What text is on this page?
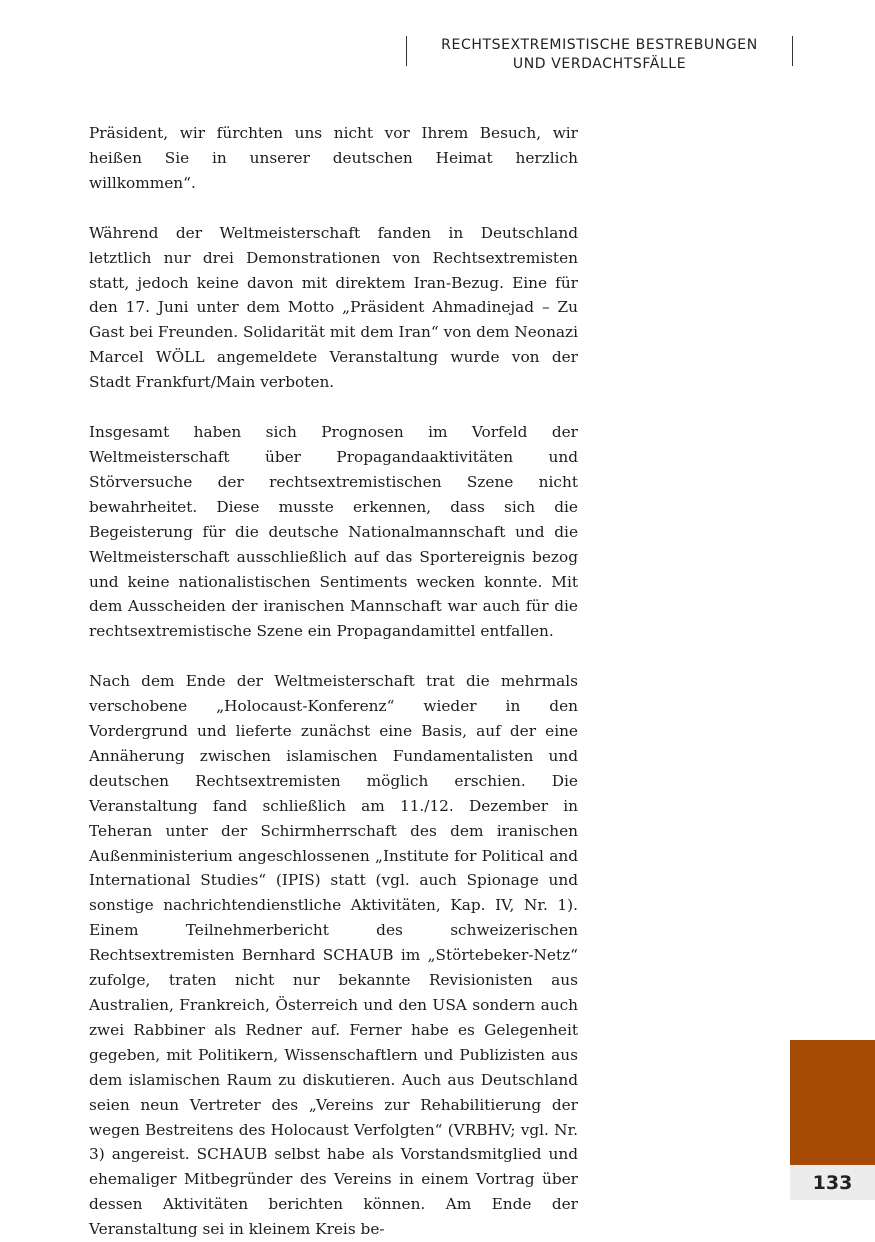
RECHTSEXTREMISTISCHE BESTREBUNGEN
UND VERDACHTSFÄLLE

Präsident, wir fürchten uns nicht vor Ihrem Besuch, wir heißen Sie in unserer deutschen Heimat herzlich willkommen“.

Während der Weltmeisterschaft fanden in Deutschland letztlich nur drei Demonstrationen von Rechtsextremisten statt, jedoch keine davon mit direktem Iran-Bezug. Eine für den 17. Juni unter dem Motto „Präsident Ahmadinejad – Zu Gast bei Freunden. Solidarität mit dem Iran“ von dem Neonazi Marcel WÖLL angemeldete Veranstaltung wurde von der Stadt Frankfurt/Main verboten.

Insgesamt haben sich Prognosen im Vorfeld der Weltmeisterschaft über Propagandaaktivitäten und Störversuche der rechtsextremistischen Szene nicht bewahrheitet. Diese musste erkennen, dass sich die Begeisterung für die deutsche Nationalmannschaft und die Weltmeisterschaft ausschließlich auf das Sportereignis bezog und keine nationalistischen Sentiments wecken konnte. Mit dem Ausscheiden der iranischen Mannschaft war auch für die rechtsextremistische Szene ein Propagandamittel entfallen.

Nach dem Ende der Weltmeisterschaft trat die mehrmals verschobene „Holocaust-Konferenz“ wieder in den Vordergrund und lieferte zunächst eine Basis, auf der eine Annäherung zwischen islamischen Fundamentalisten und deutschen Rechtsextremisten möglich erschien. Die Veranstaltung fand schließlich am 11./12. Dezember in Teheran unter der Schirmherrschaft des dem iranischen Außenministerium angeschlossenen „Institute for Political and International Studies“ (IPIS) statt (vgl. auch Spionage und sonstige nachrichtendienstliche Aktivitäten, Kap. IV, Nr. 1). Einem Teilnehmerbericht des schweizerischen Rechtsextremisten Bernhard SCHAUB im „Störtebeker-Netz“ zufolge, traten nicht nur bekannte Revisionisten aus Australien, Frankreich, Österreich und den USA sondern auch zwei Rabbiner als Redner auf. Ferner habe es Gelegenheit gegeben, mit Politikern, Wissenschaftlern und Publizisten aus dem islamischen Raum zu diskutieren. Auch aus Deutschland seien neun Vertreter des „Vereins zur Rehabilitierung der wegen Bestreitens des Holocaust Verfolgten“ (VRBHV; vgl. Nr. 3) angereist. SCHAUB selbst habe als Vorstandsmitglied und ehemaliger Mitbegründer des Vereins in einem Vortrag über dessen Aktivitäten berichten können. Am Ende der Veranstaltung sei in kleinem Kreis be-

133
